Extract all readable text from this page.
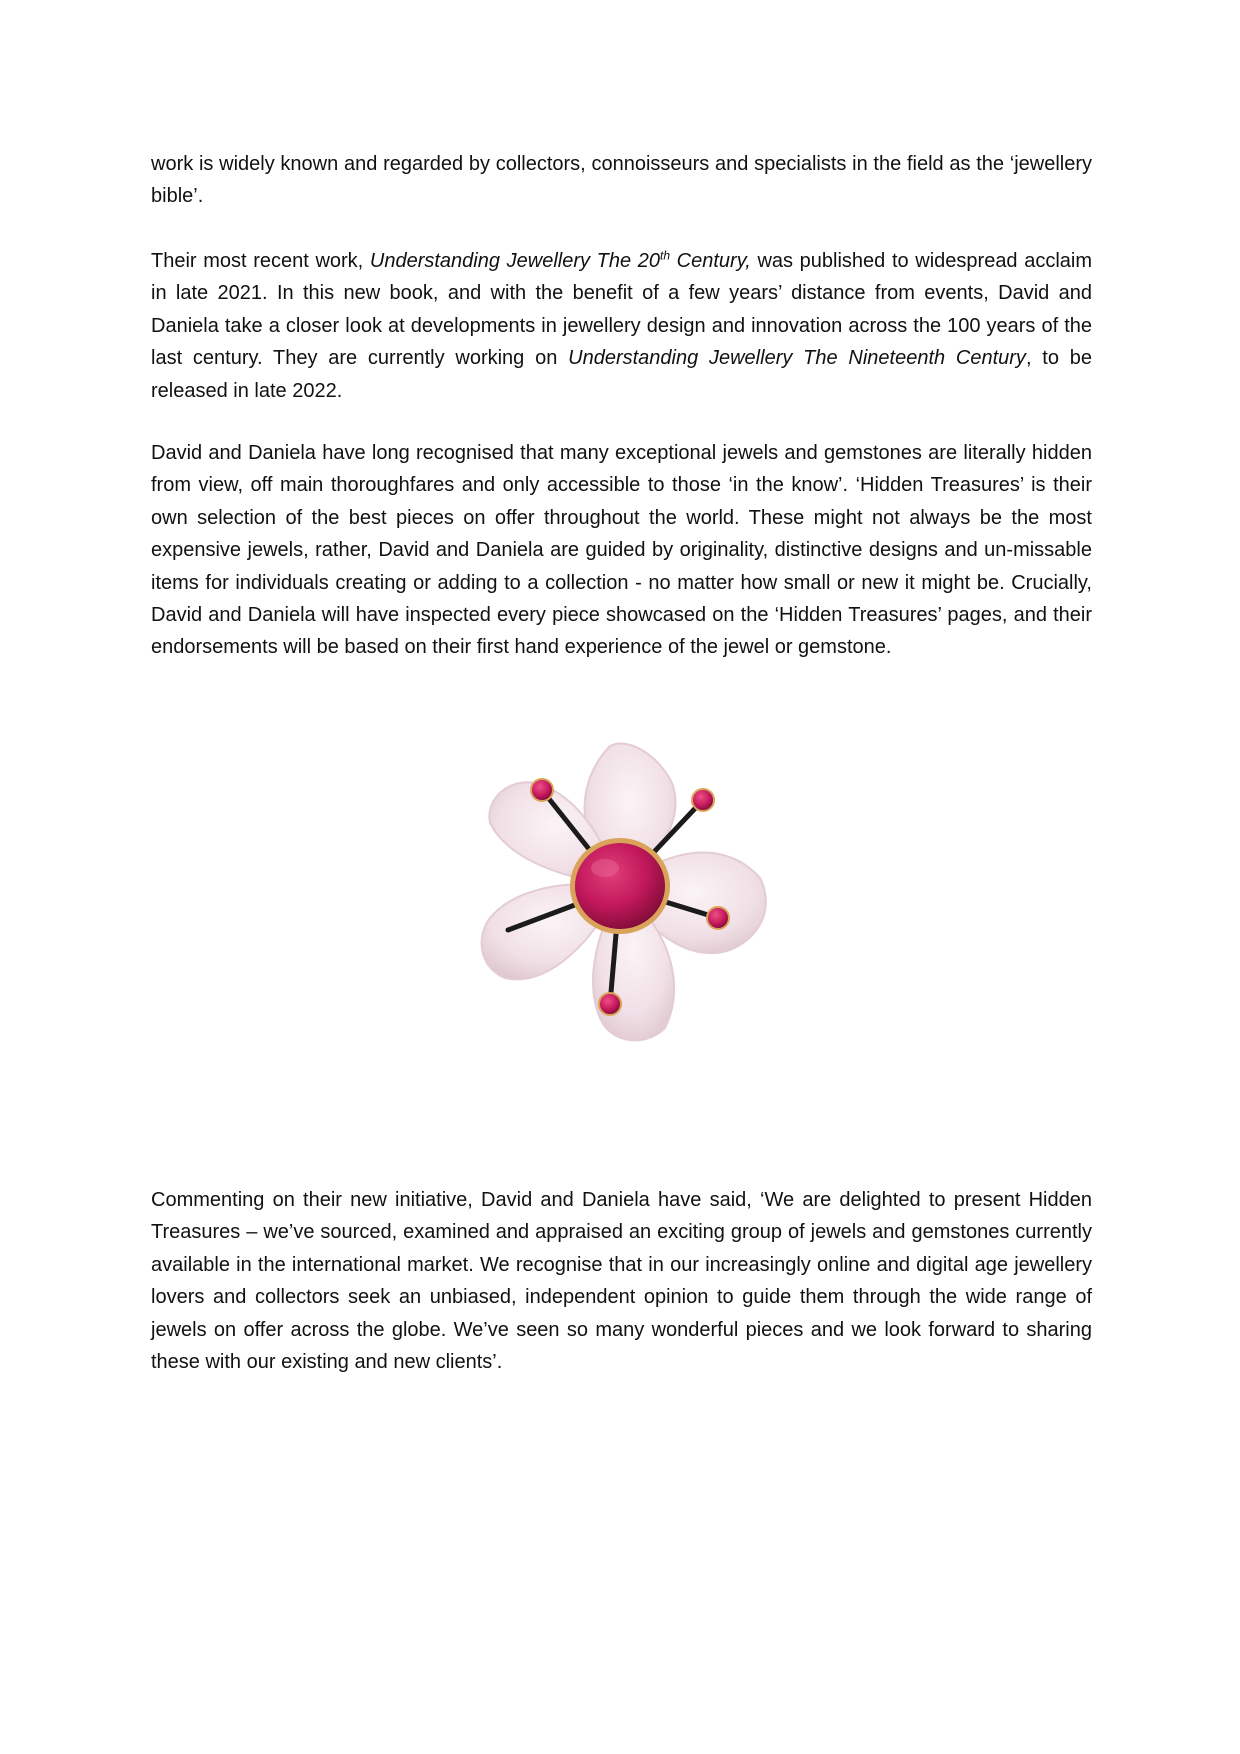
work is widely known and regarded by collectors, connoisseurs and specialists in the field as the ‘jewellery bible’.

Their most recent work, Understanding Jewellery The 20th Century, was published to widespread acclaim in late 2021. In this new book, and with the benefit of a few years’ distance from events, David and Daniela take a closer look at developments in jewellery design and innovation across the 100 years of the last century. They are currently working on Understanding Jewellery The Nineteenth Century, to be released in late 2022.

David and Daniela have long recognised that many exceptional jewels and gemstones are literally hidden from view, off main thoroughfares and only accessible to those ‘in the know’. ‘Hidden Treasures’ is their own selection of the best pieces on offer throughout the world. These might not always be the most expensive jewels, rather, David and Daniela are guided by originality, distinctive designs and un-missable items for individuals creating or adding to a collection - no matter how small or new it might be. Crucially, David and Daniela will have inspected every piece showcased on the ‘Hidden Treasures’ pages, and their endorsements will be based on their first hand experience of the jewel or gemstone.

Commenting on their new initiative, David and Daniela have said, ‘We are delighted to present Hidden Treasures – we’ve sourced, examined and appraised an exciting group of jewels and gemstones currently available in the international market. We recognise that in our increasingly online and digital age jewellery lovers and collectors seek an unbiased, independent opinion to guide them through the wide range of jewels on offer across the globe. We’ve seen so many wonderful pieces and we look forward to sharing these with our existing and new clients’.
